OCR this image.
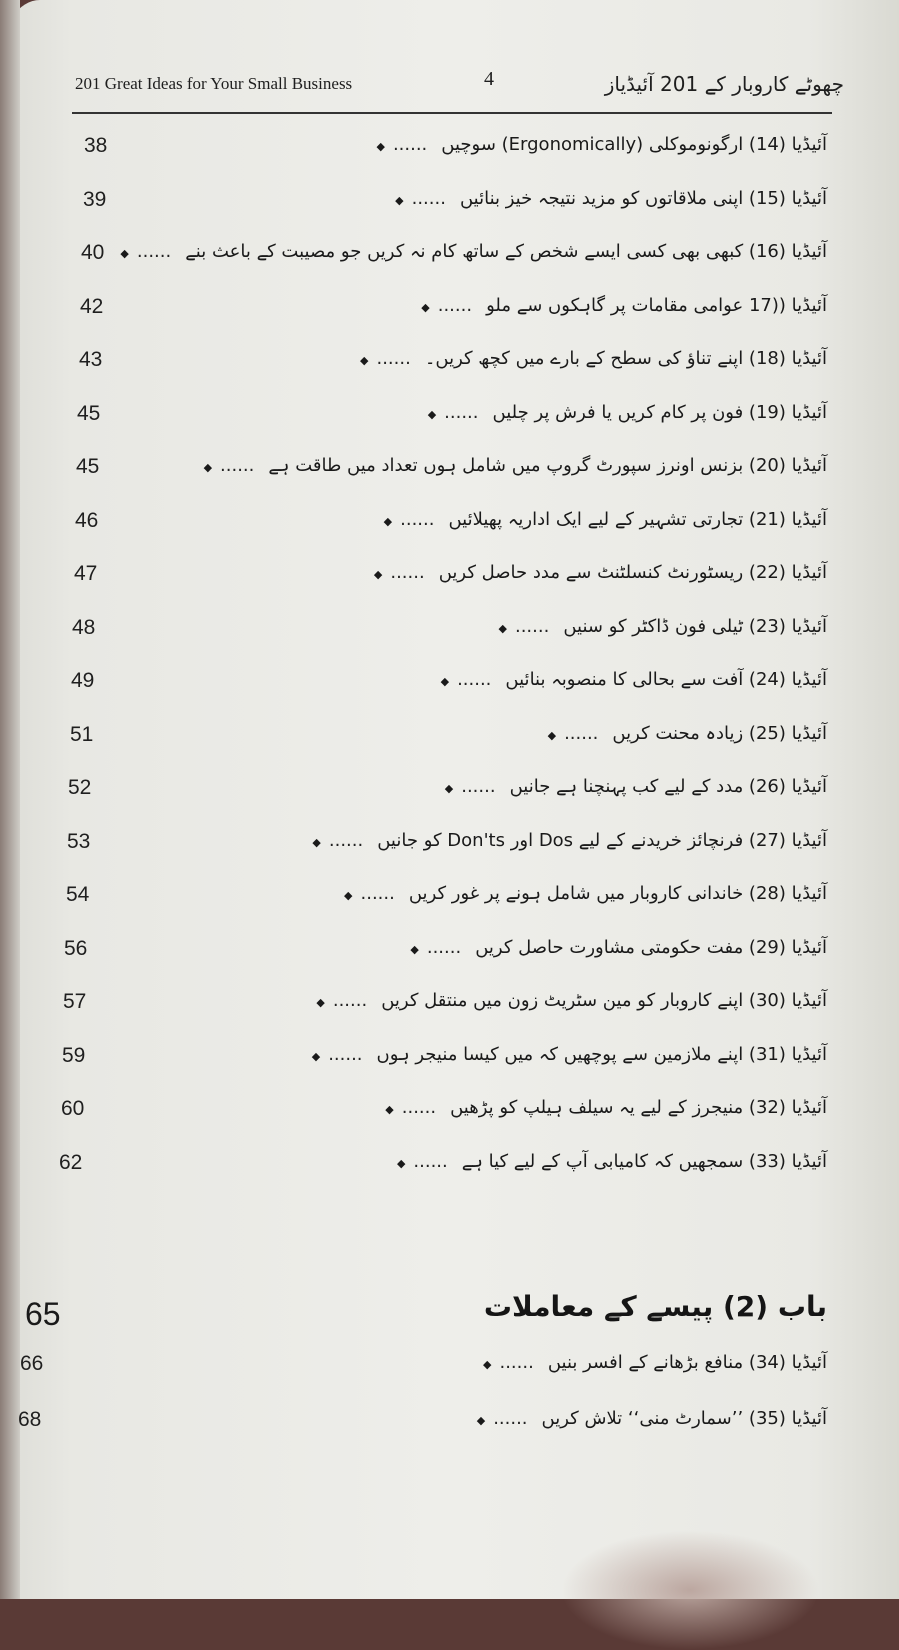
201 Great Ideas for Your Small Business	4	چھوٹے کاروبار کے 201 آئیڈیاز
آئیڈیا (14) ارگونوموکلی (Ergonomically) سوچیں......◆
38
آئیڈیا (15) اپنی ملاقاتوں کو مزید نتیجہ خیز بنائیں......◆
39
آئیڈیا (16) کبھی بھی کسی ایسے شخص کے ساتھ کام نہ کریں جو مصیبت کے باعث بنے......◆
40
آئیڈیا ((17 عوامی مقامات پر گاہکوں سے ملو......◆
42
آئیڈیا (18) اپنے تناؤ کی سطح کے بارے میں کچھ کریں۔......◆
43
آئیڈیا (19) فون پر کام کریں یا فرش پر چلیں......◆
45
آئیڈیا (20) بزنس اونرز سپورٹ گروپ میں شامل ہوں تعداد میں طاقت ہے......◆
45
آئیڈیا (21) تجارتی تشہیر کے لیے ایک اداریہ پھیلائیں......◆
46
آئیڈیا (22) ریسٹورنٹ کنسلٹنٹ سے مدد حاصل کریں......◆
47
آئیڈیا (23) ٹیلی فون ڈاکٹر کو سنیں......◆
48
آئیڈیا (24) آفت سے بحالی کا منصوبہ بنائیں......◆
49
آئیڈیا (25) زیادہ محنت کریں......◆
51
آئیڈیا (26) مدد کے لیے کب پہنچنا ہے جانیں......◆
52
آئیڈیا (27) فرنچائز خریدنے کے لیے Dos اور Don'ts کو جانیں......◆
53
آئیڈیا (28) خاندانی کاروبار میں شامل ہونے پر غور کریں......◆
54
آئیڈیا (29) مفت حکومتی مشاورت حاصل کریں......◆
56
آئیڈیا (30) اپنے کاروبار کو مین سٹریٹ زون میں منتقل کریں......◆
57
آئیڈیا (31) اپنے ملازمین سے پوچھیں کہ میں کیسا منیجر ہوں......◆
59
آئیڈیا (32) منیجرز کے لیے یہ سیلف ہیلپ کو پڑھیں......◆
60
آئیڈیا (33) سمجھیں کہ کامیابی آپ کے لیے کیا ہے......◆
62
باب (2) پیسے کے معاملات
65
آئیڈیا (34) منافع بڑھانے کے افسر بنیں......◆
66
آئیڈیا (35) ’’سمارٹ منی‘‘ تلاش کریں......◆
68
